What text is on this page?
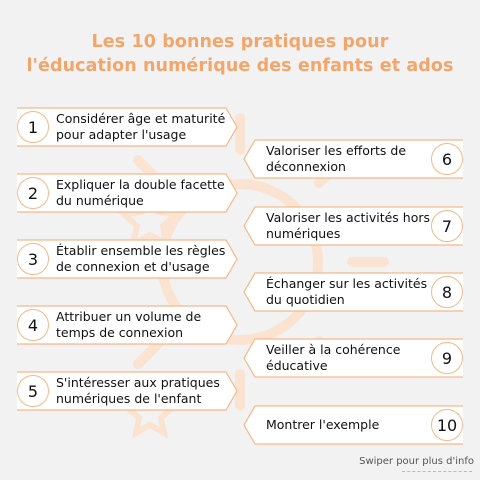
Les 10 bonnes pratiques pour
l'éducation numérique des enfants et ados
1	Considérer âge et maturité pour adapter l'usage
2	Expliquer la double facette du numérique
3	Établir ensemble les règles de connexion et d'usage
4	Attribuer un volume de temps de connexion
5	S'intéresser aux pratiques numériques de l'enfant
6
Valoriser les efforts de déconnexion
7
Valoriser les activités hors numériques
8
Échanger sur les activités du quotidien
9
Veiller à la cohérence éducative
10
Montrer l'exemple
Swiper pour plus d'info
